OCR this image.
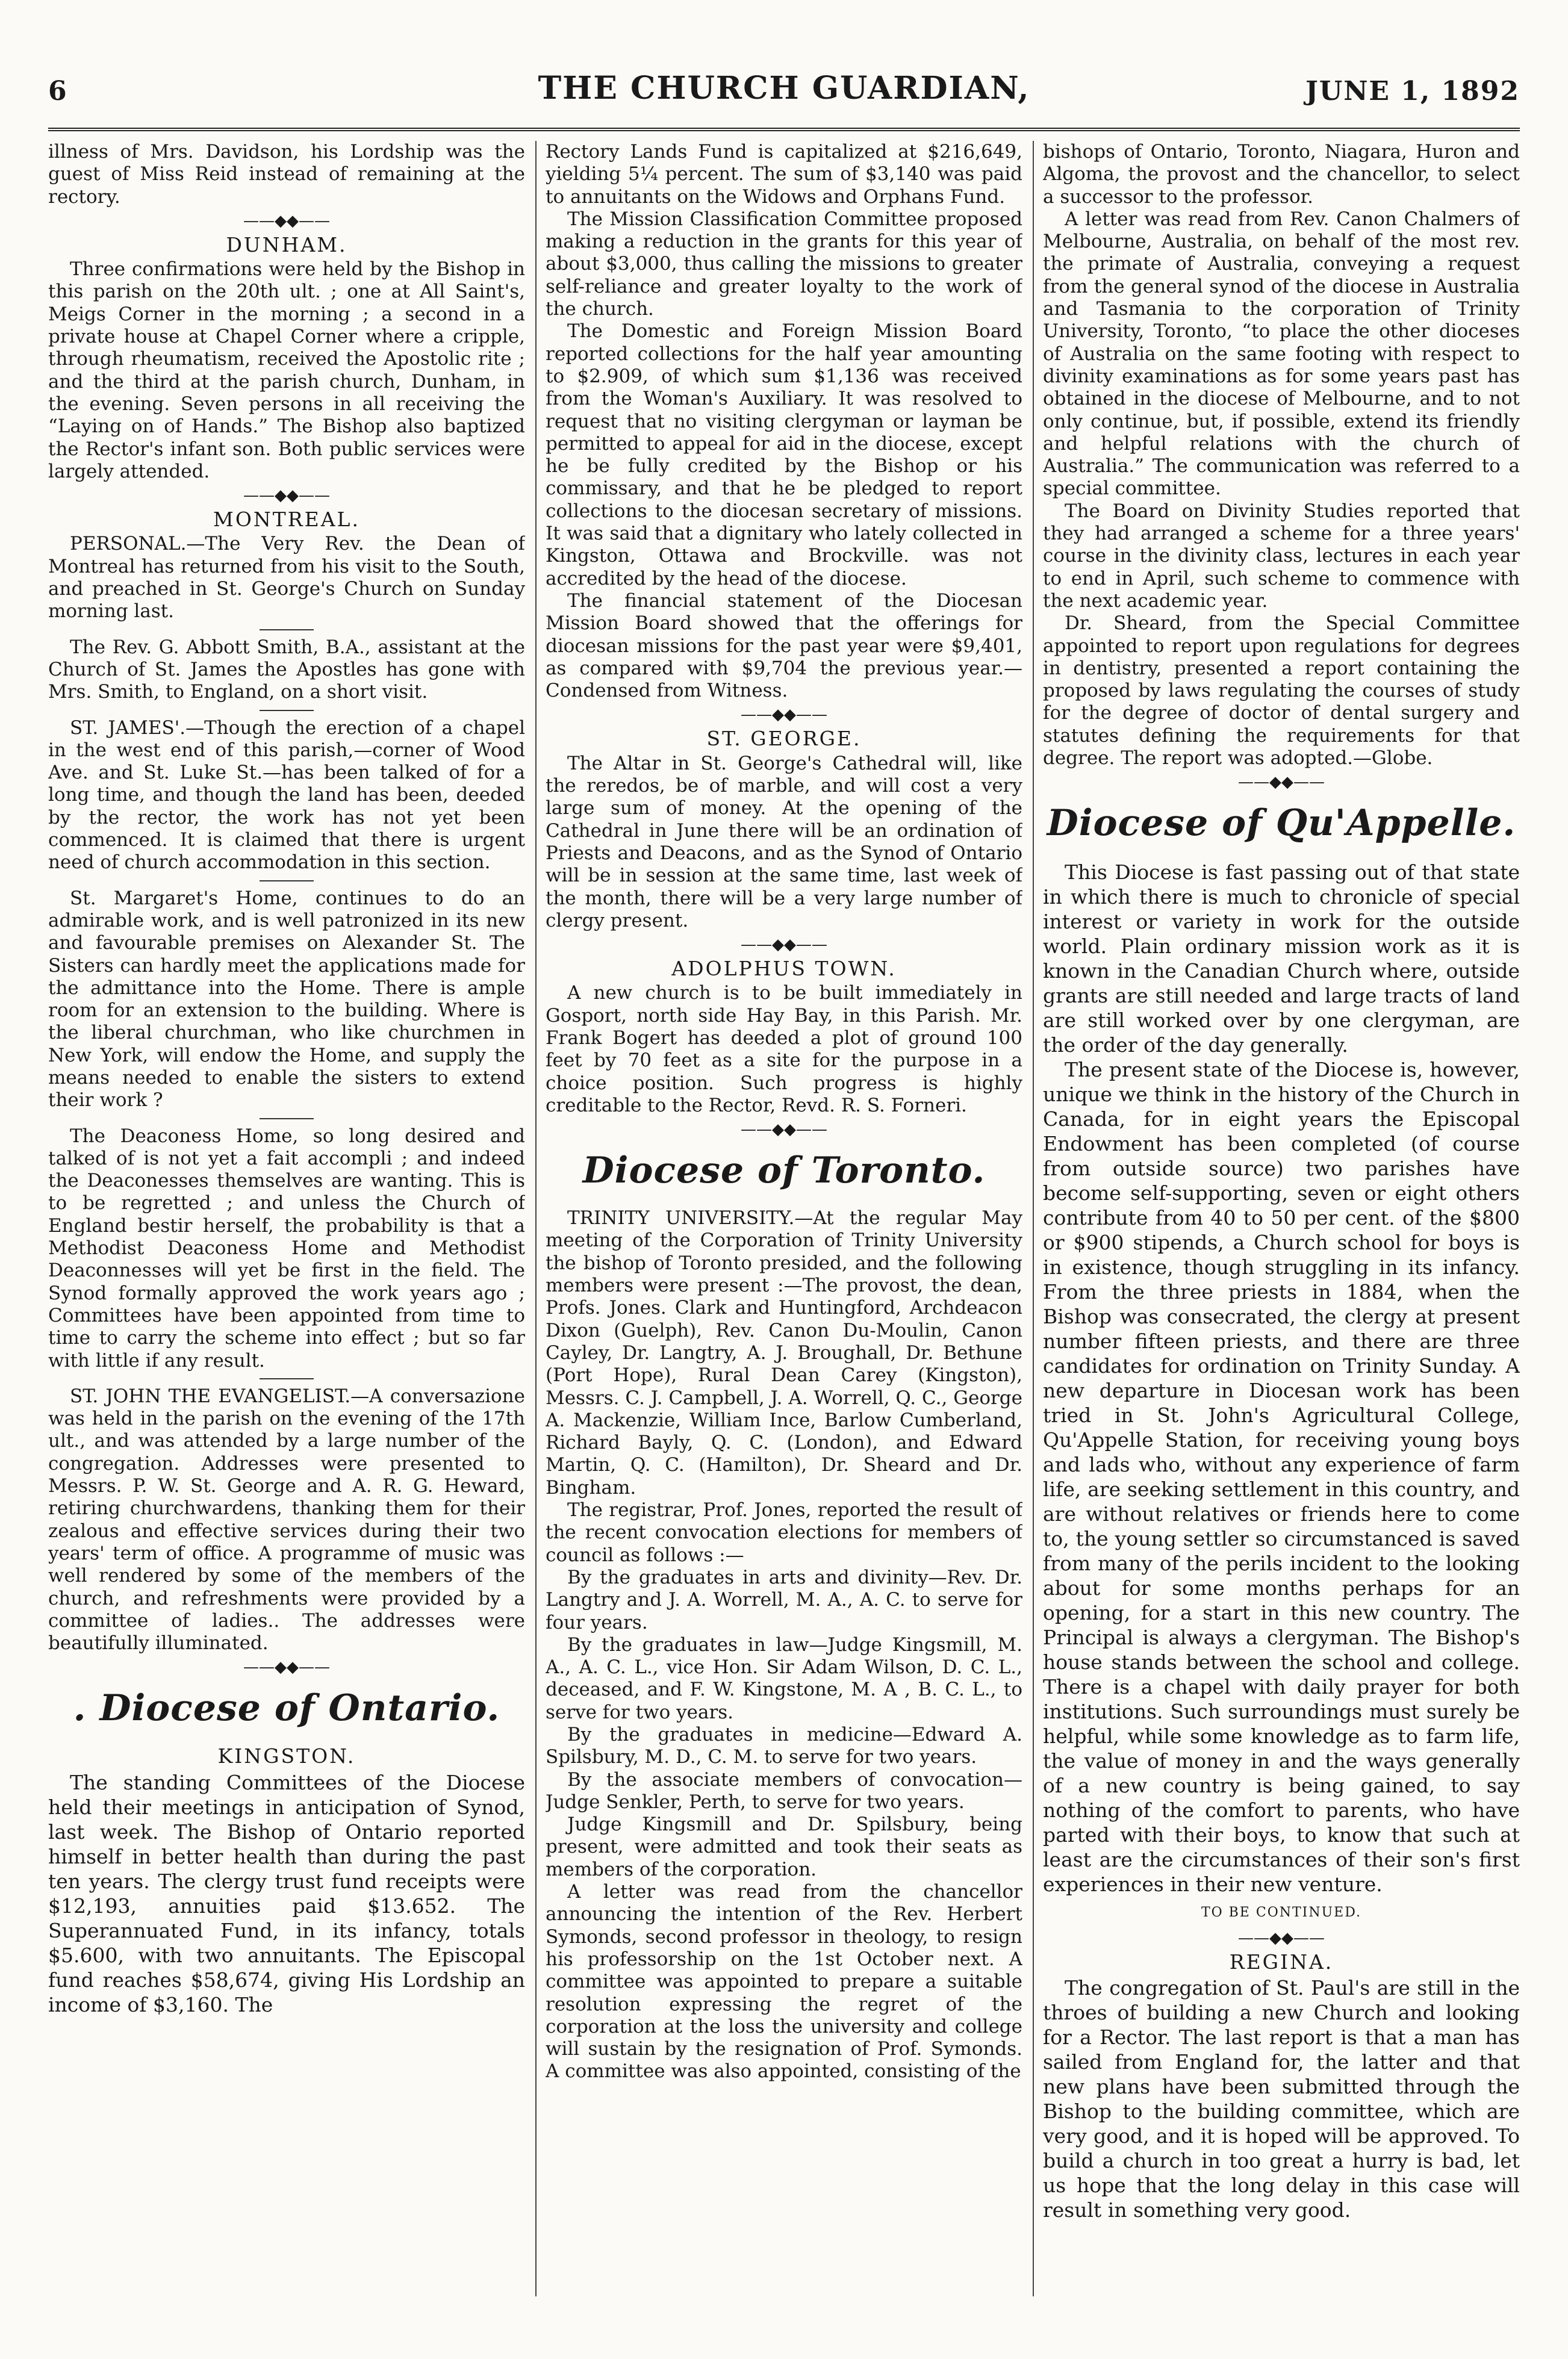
6	THE CHURCH GUARDIAN,	JUNE 1, 1892

illness of Mrs. Davidson, his Lordship was the guest of Miss Reid instead of remaining at the rectory.

——◆◆——
DUNHAM.

Three confirmations were held by the Bishop in this parish on the 20th ult. ; one at All Saint's, Meigs Corner in the morning ; a second in a private house at Chapel Corner where a cripple, through rheumatism, received the Apostolic rite ; and the third at the parish church, Dunham, in the evening. Seven persons in all receiving the “Laying on of Hands.” The Bishop also baptized the Rector's infant son. Both public services were largely attended.

——◆◆——
MONTREAL.

PERSONAL.—The Very Rev. the Dean of Montreal has returned from his visit to the South, and preached in St. George's Church on Sunday morning last.

The Rev. G. Abbott Smith, B.A., assistant at the Church of St. James the Apostles has gone with Mrs. Smith, to England, on a short visit.

ST. JAMES'.—Though the erection of a chapel in the west end of this parish,—corner of Wood Ave. and St. Luke St.—has been talked of for a long time, and though the land has been, deeded by the rector, the work has not yet been commenced. It is claimed that there is urgent need of church accommodation in this section.

St. Margaret's Home, continues to do an admirable work, and is well patronized in its new and favourable premises on Alexander St. The Sisters can hardly meet the applications made for the admittance into the Home. There is ample room for an extension to the building. Where is the liberal churchman, who like churchmen in New York, will endow the Home, and supply the means needed to enable the sisters to extend their work ?

The Deaconess Home, so long desired and talked of is not yet a fait accompli ; and indeed the Deaconesses themselves are wanting. This is to be regretted ; and unless the Church of England bestir herself, the probability is that a Methodist Deaconess Home and Methodist Deaconnesses will yet be first in the field. The Synod formally approved the work years ago ; Committees have been appointed from time to time to carry the scheme into effect ; but so far with little if any result.

ST. JOHN THE EVANGELIST.—A conversazione was held in the parish on the evening of the 17th ult., and was attended by a large number of the congregation. Addresses were presented to Messrs. P. W. St. George and A. R. G. Heward, retiring churchwardens, thanking them for their zealous and effective services during their two years' term of office. A programme of music was well rendered by some of the members of the church, and refreshments were provided by a committee of ladies.. The addresses were beautifully illuminated.

——◆◆——
. Diocese of Ontario.
KINGSTON.

The standing Committees of the Diocese held their meetings in anticipation of Synod, last week. The Bishop of Ontario reported himself in better health than during the past ten years. The clergy trust fund receipts were $12,193, annuities paid $13.652. The Superannuated Fund, in its infancy, totals $5.600, with two annuitants. The Episcopal fund reaches $58,674, giving His Lordship an income of $3,160. The

Rectory Lands Fund is capitalized at $216,649, yielding 5¼ percent. The sum of $3,140 was paid to annuitants on the Widows and Orphans Fund.

The Mission Classification Committee proposed making a reduction in the grants for this year of about $3,000, thus calling the missions to greater self-reliance and greater loyalty to the work of the church.

The Domestic and Foreign Mission Board reported collections for the half year amounting to $2.909, of which sum $1,136 was received from the Woman's Auxiliary. It was resolved to request that no visiting clergyman or layman be permitted to appeal for aid in the diocese, except he be fully credited by the Bishop or his commissary, and that he be pledged to report collections to the diocesan secretary of missions. It was said that a dignitary who lately collected in Kingston, Ottawa and Brockville. was not accredited by the head of the diocese.

The financial statement of the Diocesan Mission Board showed that the offerings for diocesan missions for the past year were $9,401, as compared with $9,704 the previous year.—Condensed from Witness.

——◆◆——
ST. GEORGE.

The Altar in St. George's Cathedral will, like the reredos, be of marble, and will cost a very large sum of money. At the opening of the Cathedral in June there will be an ordination of Priests and Deacons, and as the Synod of Ontario will be in session at the same time, last week of the month, there will be a very large number of clergy present.

——◆◆——
ADOLPHUS TOWN.

A new church is to be built immediately in Gosport, north side Hay Bay, in this Parish. Mr. Frank Bogert has deeded a plot of ground 100 feet by 70 feet as a site for the purpose in a choice position. Such progress is highly creditable to the Rector, Revd. R. S. Forneri.

——◆◆——
Diocese of Toronto.

TRINITY UNIVERSITY.—At the regular May meeting of the Corporation of Trinity University the bishop of Toronto presided, and the following members were present :—The provost, the dean, Profs. Jones. Clark and Huntingford, Archdeacon Dixon (Guelph), Rev. Canon Du-Moulin, Canon Cayley, Dr. Langtry, A. J. Broughall, Dr. Bethune (Port Hope), Rural Dean Carey (Kingston), Messrs. C. J. Campbell, J. A. Worrell, Q. C., George A. Mackenzie, William Ince, Barlow Cumberland, Richard Bayly, Q. C. (London), and Edward Martin, Q. C. (Hamilton), Dr. Sheard and Dr. Bingham.

The registrar, Prof. Jones, reported the result of the recent convocation elections for members of council as follows :—

By the graduates in arts and divinity—Rev. Dr. Langtry and J. A. Worrell, M. A., A. C. to serve for four years.

By the graduates in law—Judge Kingsmill, M. A., A. C. L., vice Hon. Sir Adam Wilson, D. C. L., deceased, and F. W. Kingstone, M. A , B. C. L., to serve for two years.

By the graduates in medicine—Edward A. Spilsbury, M. D., C. M. to serve for two years.

By the associate members of convocation—Judge Senkler, Perth, to serve for two years.

Judge Kingsmill and Dr. Spilsbury, being present, were admitted and took their seats as members of the corporation.

A letter was read from the chancellor announcing the intention of the Rev. Herbert Symonds, second professor in theology, to resign his professorship on the 1st October next. A committee was appointed to prepare a suitable resolution expressing the regret of the corporation at the loss the university and college will sustain by the resignation of Prof. Symonds. A committee was also appointed, consisting of the

bishops of Ontario, Toronto, Niagara, Huron and Algoma, the provost and the chancellor, to select a successor to the professor.

A letter was read from Rev. Canon Chalmers of Melbourne, Australia, on behalf of the most rev. the primate of Australia, conveying a request from the general synod of the diocese in Australia and Tasmania to the corporation of Trinity University, Toronto, “to place the other dioceses of Australia on the same footing with respect to divinity examinations as for some years past has obtained in the diocese of Melbourne, and to not only continue, but, if possible, extend its friendly and helpful relations with the church of Australia.” The communication was referred to a special committee.

The Board on Divinity Studies reported that they had arranged a scheme for a three years' course in the divinity class, lectures in each year to end in April, such scheme to commence with the next academic year.

Dr. Sheard, from the Special Committee appointed to report upon regulations for degrees in dentistry, presented a report containing the proposed by laws regulating the courses of study for the degree of doctor of dental surgery and statutes defining the requirements for that degree. The report was adopted.—Globe.

——◆◆——
Diocese of Qu'Appelle.

This Diocese is fast passing out of that state in which there is much to chronicle of special interest or variety in work for the outside world. Plain ordinary mission work as it is known in the Canadian Church where, outside grants are still needed and large tracts of land are still worked over by one clergyman, are the order of the day generally.

The present state of the Diocese is, however, unique we think in the history of the Church in Canada, for in eight years the Episcopal Endowment has been completed (of course from outside source) two parishes have become self-supporting, seven or eight others contribute from 40 to 50 per cent. of the $800 or $900 stipends, a Church school for boys is in existence, though struggling in its infancy. From the three priests in 1884, when the Bishop was consecrated, the clergy at present number fifteen priests, and there are three candidates for ordination on Trinity Sunday. A new departure in Diocesan work has been tried in St. John's Agricultural College, Qu'Appelle Station, for receiving young boys and lads who, without any experience of farm life, are seeking settlement in this country, and are without relatives or friends here to come to, the young settler so circumstanced is saved from many of the perils incident to the looking about for some months perhaps for an opening, for a start in this new country. The Principal is always a clergyman. The Bishop's house stands between the school and college. There is a chapel with daily prayer for both institutions. Such surroundings must surely be helpful, while some knowledge as to farm life, the value of money in and the ways generally of a new country is being gained, to say nothing of the comfort to parents, who have parted with their boys, to know that such at least are the circumstances of their son's first experiences in their new venture.

TO BE CONTINUED.
——◆◆——
REGINA.

The congregation of St. Paul's are still in the throes of building a new Church and looking for a Rector. The last report is that a man has sailed from England for, the latter and that new plans have been submitted through the Bishop to the building committee, which are very good, and it is hoped will be approved. To build a church in too great a hurry is bad, let us hope that the long delay in this case will result in something very good.
